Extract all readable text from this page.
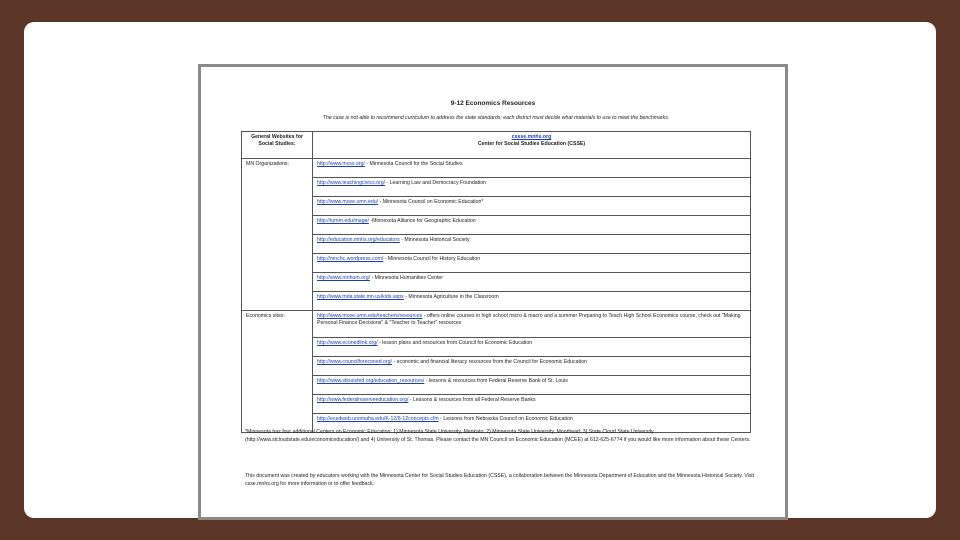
9-12 Economics Resources
The case is not able to recommend curriculum to address the state standards; each district must decide what materials to use to meet the benchmarks.
General Websites for Social Studies:	cssse.mnhs.org
Center for Social Studies Education (CSSE)
MN Organizations:	http://www.mcss.org/ - Minnesota Council for the Social Studies
	http://www.teachingcivics.org/ - Learning Law and Democracy Foundation
	http://www.mcee.umn.edu/ - Minnesota Council on Economic Education*
	http://tumm.edu/mage/ -Minnesota Alliance for Geographic Education
	http://education.mnhs.org/educators - Minnesota Historical Society
	http://mnchc.wordpress.com/ - Minnesota Council for History Education
	http://www.mnhum.org/ - Minnesota Humanities Center
	http://www.mda.state.mn.us/kids.aspx - Minnesota Agriculture in the Classroom
Economics sites:	http://www.mcee.umn.edu/teachers/resources - offers online courses in high school micro & macro and a summer Preparing to Teach High School Economics course, check out "Making Personal Finance Decisions" & "Teacher to Teacher" resources
	http://www.econedlink.org/ - lesson plans and resources from Council for Economic Education
	http://www.councilforeconed.org/ - economic and financial literacy resources from the Council for Economic Education
	http://www.stlouisfed.org/education_resources/ - lessons & resources from Federal Reserve Bank of St. Louis
	http://www.federalreserveeducation.org/ - Lessons & resources from all Federal Reserve Banks
	http://ecedweb.unomaha.edu/K-12/6-12concepts.cfm - Lessons from Nebraska Council on Economic Education
*Minnesota has four additional Centers on Economic Education: 1) Minnesota State University, Mankato; 2) Minnesota State University, Moorhead; 3) State Cloud State University (http://www.stcloudstate.edu/economiceducation/) and 4) University of St. Thomas. Please contact the MN Council on Economic Education (MCEE) at 612-625-6774 if you would like more information about these Centers.
This document was created by educators working with the Minnesota Center for Social Studies Education (CSSE), a collaboration between the Minnesota Department of Education and the Minnesota Historical Society. Visit csse.mnhs.org for more information or to offer feedback.
